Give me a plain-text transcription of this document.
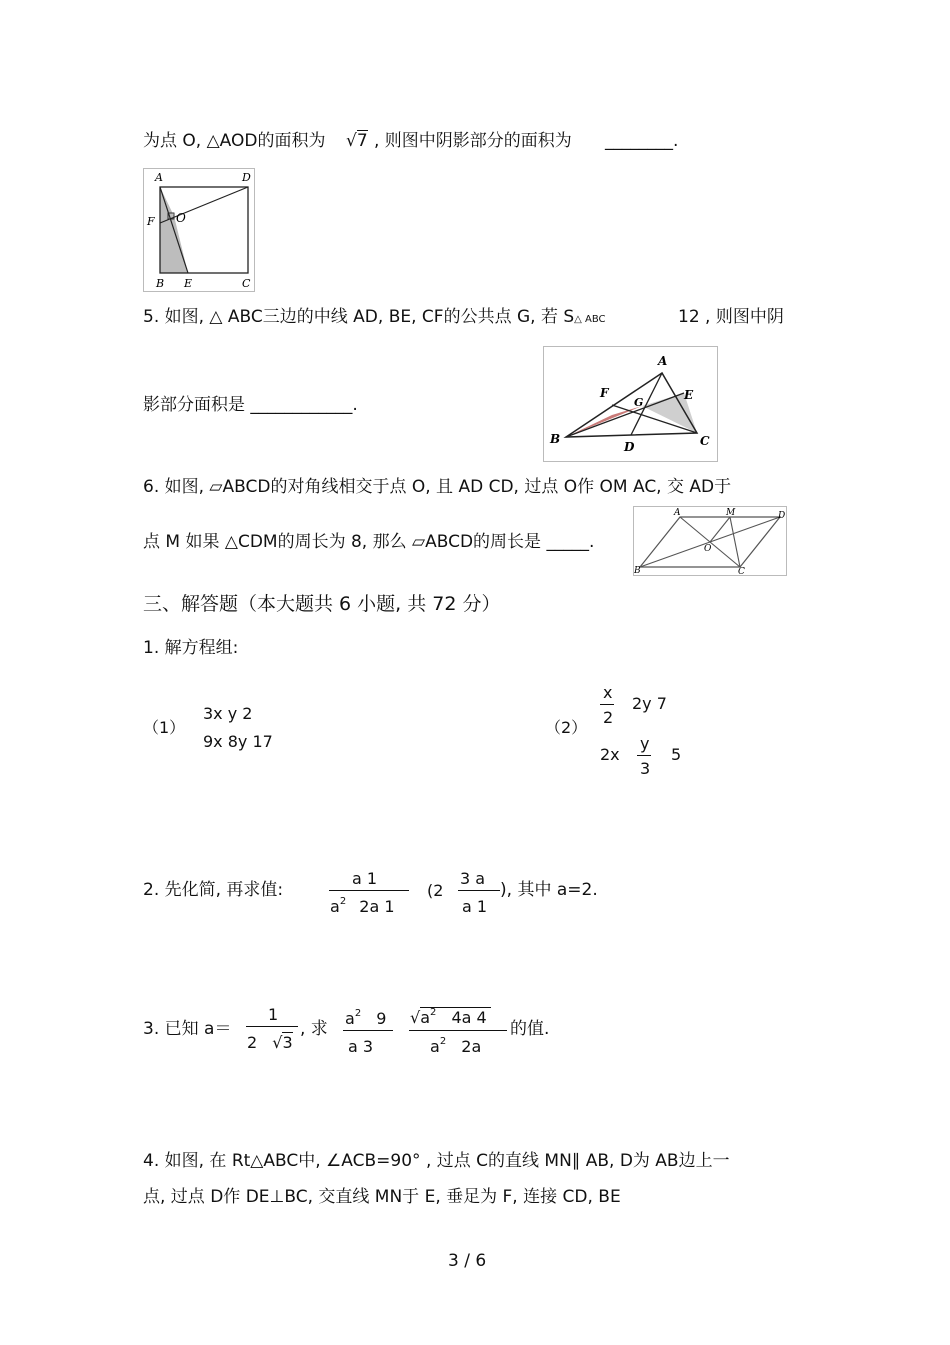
为点 O, △AOD的面积为 √7 , 则图中阴影部分的面积为 ________.
A	D
F O
B E	C
5. 如图, △ ABC三边的中线 AD, BE, CF的公共点 G, 若 S△ ABC	12 , 则图中阴
影部分面积是 ____________.
A
F	E
G
B
D	C
6. 如图, ▱ABCD的对角线相交于点 O, 且 AD CD, 过点 O作 OM AC, 交 AD于
点 M 如果 △CDM的周长为 8, 那么 ▱ABCD的周长是 _____.
A	M	D
O
B	C
三、解答题（本大题共 6 小题, 共 72 分）
1. 解方程组:
（1）
3x y 2
9x 8y 17
（2）
x
2
2y 7
2x
y
3
5
2. 先化简, 再求值:
a 1
$a^2$ 2a 1
(2
3 a
a 1
), 其中 a=2.
3. 已知 a＝
1
2 √3
, 求
$a^2$ 9
a 3
$√a^2$ 4a 4
$a^2$ 2a
的值.
4. 如图, 在 Rt△ABC中, ∠ACB=90° , 过点 C的直线 MN∥ AB, D为 AB边上一
点, 过点 D作 DE⊥BC, 交直线 MN于 E, 垂足为 F, 连接 CD, BE
3 / 6
